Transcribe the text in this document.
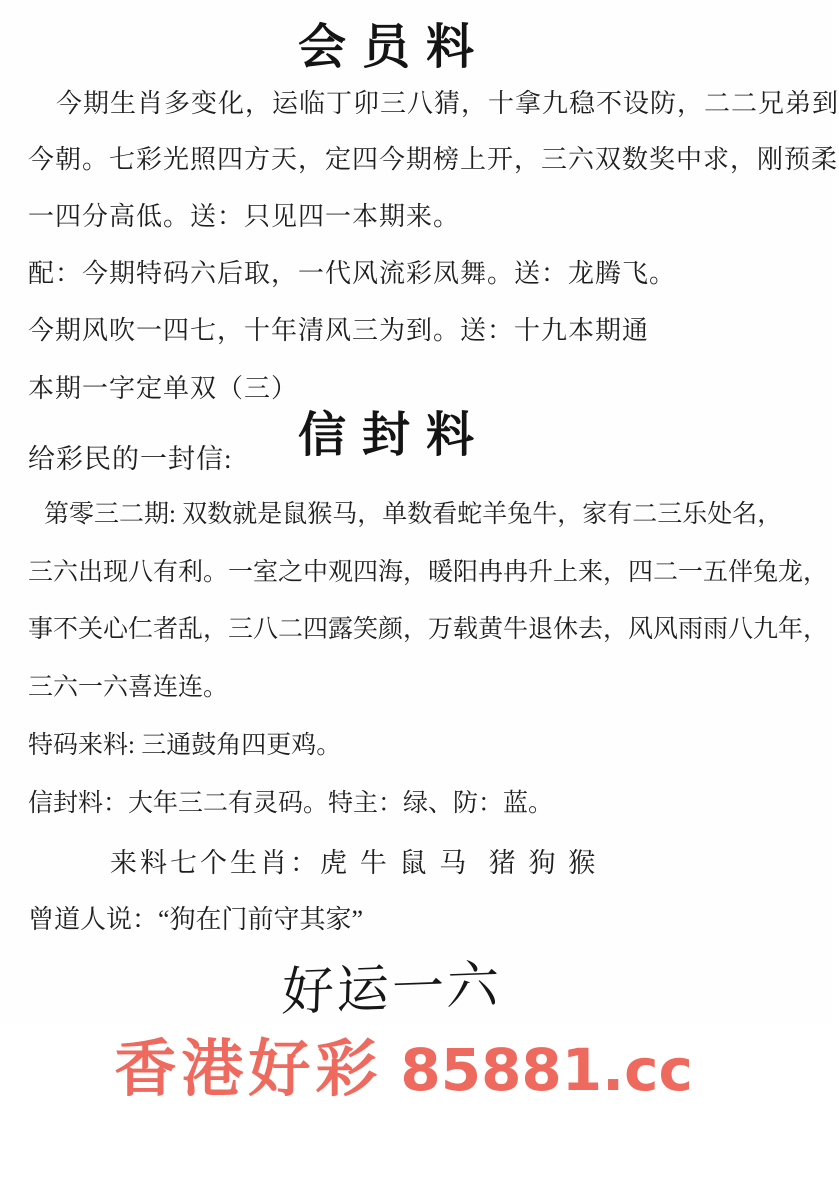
会员料
今期生肖多变化，运临丁卯三八猜，十拿九稳不设防，二二兄弟到
今朝。七彩光照四方天，定四今期榜上开，三六双数奖中求，刚预柔
一四分高低。送：只见四一本期来。
配：今期特码六后取，一代风流彩凤舞。送：龙腾飞。
今期风吹一四七，十年清风三为到。送：十九本期通
本期一字定单双（三）
信封料
给彩民的一封信:
第零三二期: 双数就是鼠猴马，单数看蛇羊兔牛，家有二三乐处名，
三六出现八有利。一室之中观四海，暖阳冉冉升上来，四二一五伴兔龙，
事不关心仁者乱，三八二四露笑颜，万载黄牛退休去，风风雨雨八九年，
三六一六喜连连。
特码来料: 三通鼓角四更鸡。
信封料：大年三二有灵码。特主：绿、防：蓝。
来料七个生肖：虎 牛 鼠 马  猪 狗 猴
曾道人说：“狗在门前守其家”

香港好彩 85881.cc

好运一六
